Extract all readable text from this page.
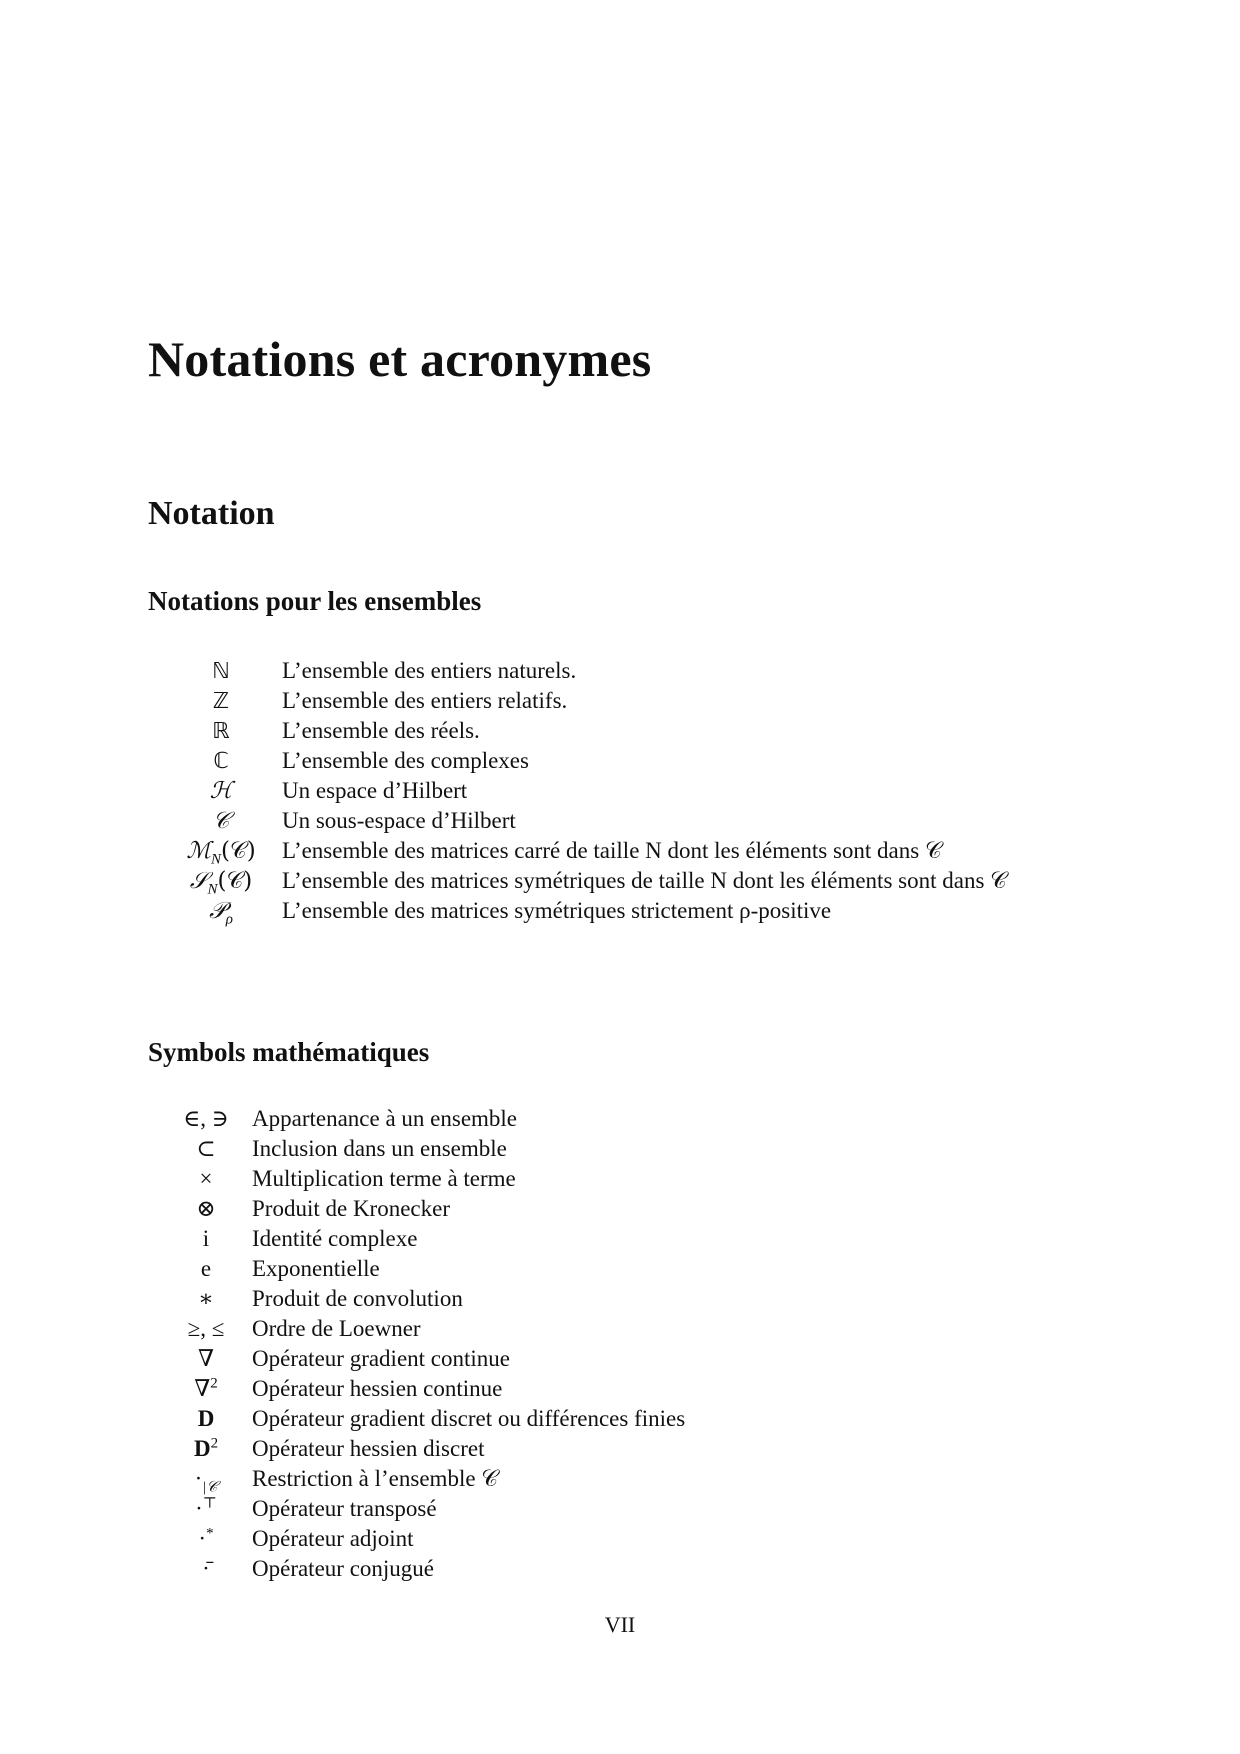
Notations et acronymes
Notation
Notations pour les ensembles
ℕ	L’ensemble des entiers naturels.
ℤ	L’ensemble des entiers relatifs.
ℝ	L’ensemble des réels.
ℂ	L’ensemble des complexes
ℋ	Un espace d’Hilbert
𝒞	Un sous-espace d’Hilbert
ℳ$_N$(𝒞)	L’ensemble des matrices carré de taille N dont les éléments sont dans 𝒞
𝒮$_N$(𝒞)	L’ensemble des matrices symétriques de taille N dont les éléments sont dans 𝒞
𝒫$_\rho$	L’ensemble des matrices symétriques strictement ρ-positive
Symbols mathématiques
∈, ∋	Appartenance à un ensemble
⊂	Inclusion dans un ensemble
×	Multiplication terme à terme
⊗	Produit de Kronecker
i	Identité complexe
e	Exponentielle
∗	Produit de convolution
≥, ≤	Ordre de Loewner
∇	Opérateur gradient continue
∇$^2$	Opérateur hessien continue
D	Opérateur gradient discret ou différences finies
$D^2$	Opérateur hessien discret
$\cdot_{|𝒞}$	Restriction à l’ensemble 𝒞
·⊤	Opérateur transposé
·*	Opérateur adjoint
·̄	Opérateur conjugué
VII
